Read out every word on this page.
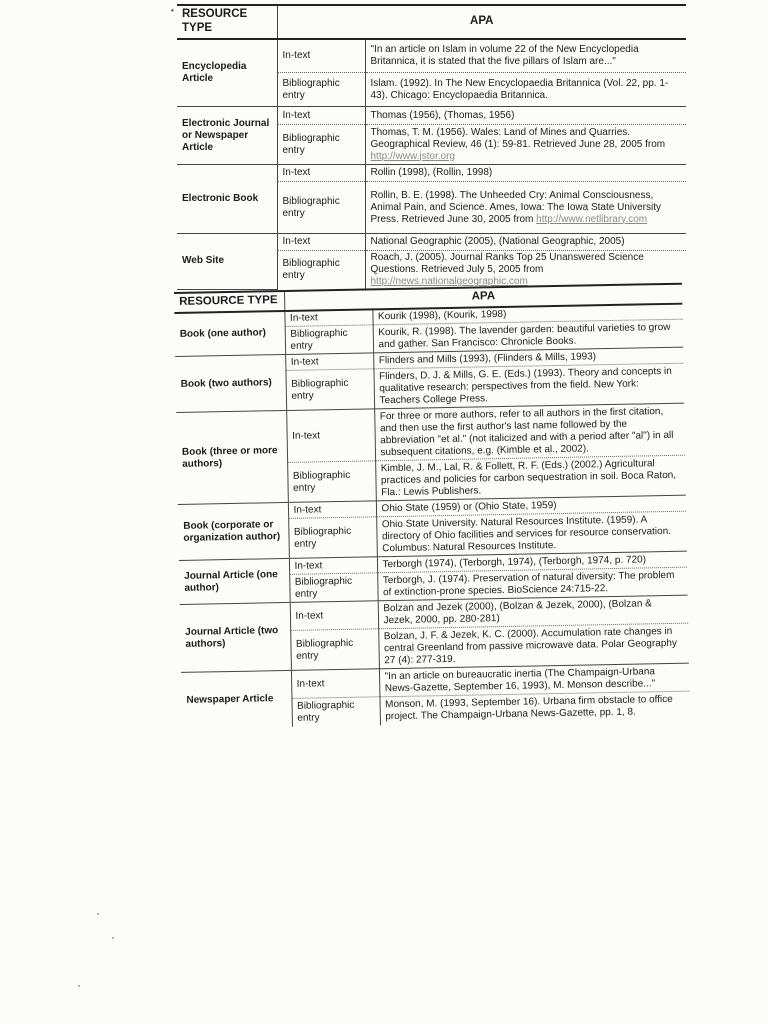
• RESOURCE TYPE	APA	
Encyclopedia Article	In-text	"In an article on Islam in volume 22 of the New Encyclopedia Britannica, it is stated that the five pillars of Islam are..."
	Bibliographic entry	Islam. (1992). In The New Encyclopaedia Britannica (Vol. 22, pp. 1-43). Chicago: Encyclopaedia Britannica.
Electronic Journal or Newspaper Article	In-text	Thomas (1956), (Thomas, 1956)
	Bibliographic entry	Thomas, T. M. (1956). Wales: Land of Mines and Quarries. Geographical Review, 46 (1): 59-81. Retrieved June 28, 2005 from http://www.jstor.org
Electronic Book	In-text	Rollin (1998), (Rollin, 1998)
	Bibliographic entry	Rollin, B. E. (1998). The Unheeded Cry: Animal Consciousness, Animal Pain, and Science. Ames, Iowa: The Iowa State University Press. Retrieved June 30, 2005 from http://www.netlibrary.com
Web Site	In-text	National Geographic (2005), (National Geographic, 2005)
	Bibliographic entry	Roach, J. (2005). Journal Ranks Top 25 Unanswered Science Questions. Retrieved July 5, 2005 from http://news.nationalgeographic.com
RESOURCE TYPE	APA	
Book (one author)	In-text	Kourik (1998), (Kourik, 1998)
	Bibliographic entry	Kourik, R. (1998). The lavender garden: beautiful varieties to grow and gather. San Francisco: Chronicle Books.
Book (two authors)	In-text	Flinders and Mills (1993), (Flinders & Mills, 1993)
	Bibliographic entry	Flinders, D. J. & Mills, G. E. (Eds.) (1993). Theory and concepts in qualitative research: perspectives from the field. New York: Teachers College Press.
Book (three or more authors)	In-text	For three or more authors, refer to all authors in the first citation, and then use the first author's last name followed by the abbreviation "et al." (not italicized and with a period after "al") in all subsequent citations, e.g. (Kimble et al., 2002).
	Bibliographic entry	Kimble, J. M., Lal, R. & Follett, R. F. (Eds.) (2002.) Agricultural practices and policies for carbon sequestration in soil. Boca Raton, Fla.: Lewis Publishers.
Book (corporate or organization author)	In-text	Ohio State (1959) or (Ohio State, 1959)
	Bibliographic entry	Ohio State University. Natural Resources Institute. (1959). A directory of Ohio facilities and services for resource conservation. Columbus: Natural Resources Institute.
Journal Article (one author)	In-text	Terborgh (1974), (Terborgh, 1974), (Terborgh, 1974, p. 720)
	Bibliographic entry	Terborgh, J. (1974). Preservation of natural diversity: The problem of extinction-prone species. BioScience 24:715-22.
Journal Article (two authors)	In-text	Bolzan and Jezek (2000), (Bolzan & Jezek, 2000), (Bolzan & Jezek, 2000, pp. 280-281)
	Bibliographic entry	Bolzan, J. F. & Jezek, K. C. (2000). Accumulation rate changes in central Greenland from passive microwave data. Polar Geography 27 (4): 277-319.
Newspaper Article	In-text	"In an article on bureaucratic inertia (The Champaign-Urbana News-Gazette, September 16, 1993), M. Monson describe..."
	Bibliographic entry	Monson, M. (1993, September 16). Urbana firm obstacle to office project. The Champaign-Urbana News-Gazette, pp. 1, 8.
